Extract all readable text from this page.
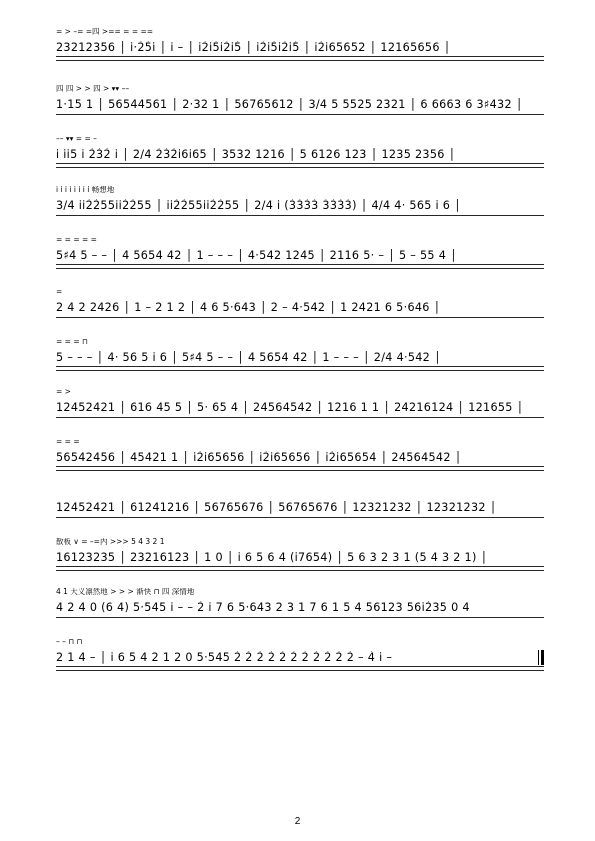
= > –= =四 >== = = ==
23212356 │ i̇·2̇5̇i̇ │ i̇ – │ i̇2̇i̇5̇i̇2̇i̇5̇ │ i̇2̇i̇5̇i̇2̇i̇5̇ │ i̇2̇i̇65652 │ 12165656 │
四 四 > > 四 > ▾▾ ––
1·15 1 │ 56544561 │ 2·32 1 │ 56765612 │ 3/4 5 5525 2321 │ 6 6663 6 3♯432 │
–– ▾▾ = = –
i̇ i̇i̇5 i̇ 2̇3̇2̇ i̇ │ 2/4 2̇3̇2̇i̇6i̇65 │ 3532 1216 │ 5 6126 123 │ 1235 2356 │
i̇ i̇ i̇ i̇ i̇ i̇ i̇ i̇ 畅想地
3/4 i̇i̇2̇2̇55i̇i̇2̇2̇55 │ i̇i̇2̇2̇55i̇i̇2̇2̇55 │ 2/4 i̇ (3̇3̇3̇3̇ 3̇3̇3̇3̇) │ 4/4 4· 565 i̇ 6 │
= = = = =
5♯4 5 – – │ 4 5654 42 │ 1 – – – │ 4·542 1245 │ 2116 5· – │ 5 – 55 4 │
=
2 4 2 2426 │ 1 – 2 1 2 │ 4 6 5·643 │ 2 – 4·542 │ 1 2421 6 5·646 │
= = = ⊓
5 – – – │ 4· 56 5 i̇ 6 │ 5♯4 5 – – │ 4 5654 42 │ 1 – – – │ 2/4 4·542 │
= >
12452421 │ 616 45 5 │ 5· 65 4 │ 24564542 │ 1216 1 1 │ 24216124 │ 121655 │
= = =
56542456 │ 45421 1 │ i̇2̇i̇65656 │ i̇2̇i̇65656 │ i̇2̇i̇65654 │ 24564542 │
12452421 │ 61241216 │ 56765676 │ 56765676 │ 12321232 │ 12321232 │
散板 ∨ = –=内 >>> 5 4 3 2 1
16123235 │ 23216123 │ 1 0 │ i̇ 6 5 6 4 (i̇7654) │ 5 6 3 2 3 1 (5 4 3 2 1) │
4 1 大义凛然地 > > > 渐快 ⊓ 四 深情地
4 2 4 0 (6 4) 5·545 i̇ – – 2̇ i̇ 7 6 5·643 2 3 1 7 6 1 5 4 56123 56i̇2̇35 0 4
– – ⊓ ⊓
2 1 4 – │ i̇ 6 5 4 2 1 2 0 5·545 2̇ 2̇ 2̇ 2̇ 2̇ 2̇ 2̇ 2̇ 2̇ 2̇ 2̇ – 4̇ i̇ –
2
